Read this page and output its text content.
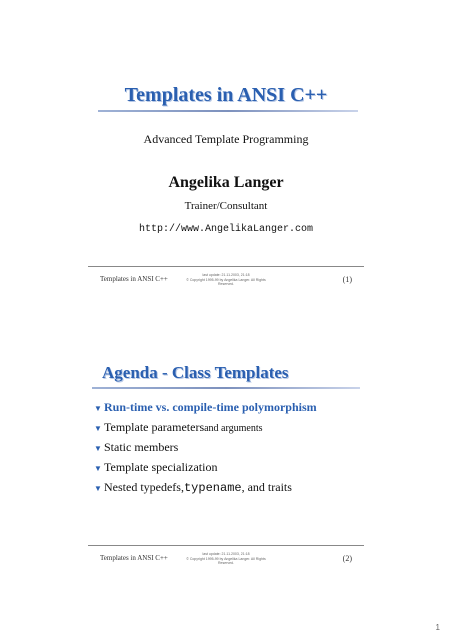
Templates in ANSI C++
Advanced Template Programming
Angelika Langer
Trainer/Consultant
http://www.AngelikaLanger.com
Templates in ANSI C++	last update: 21.11.2003, 21:18
© Copyright 1995-99 by Angelika Langer. All Rights Reserved.	(1)
Agenda - Class Templates
▼ Run-time vs. compile-time polymorphism
▼ Template parameters and arguments
▼ Static members
▼ Template specialization
▼ Nested typedefs, typename , and traits
Templates in ANSI C++	last update: 21.11.2003, 21:18
© Copyright 1995-99 by Angelika Langer. All Rights Reserved.	(2)
1
